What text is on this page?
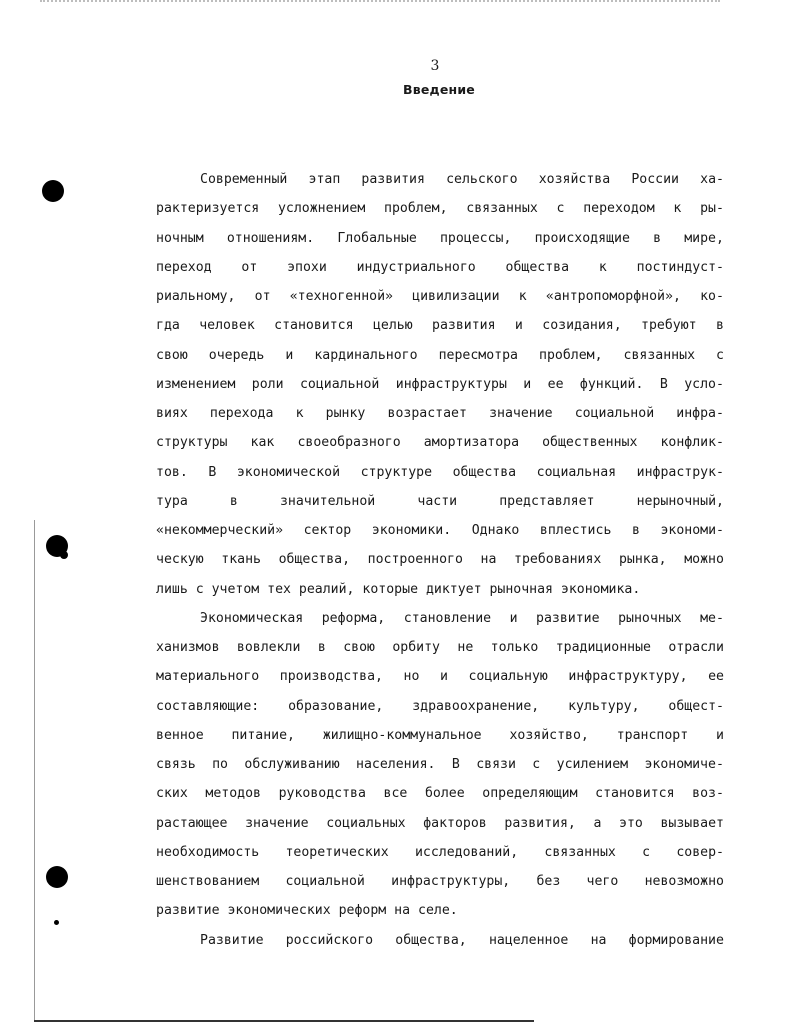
3
Введение
Современный этап развития сельского хозяйства России ха-
рактеризуется усложнением проблем, связанных с переходом к ры-
ночным отношениям. Глобальные процессы, происходящие в мире,
переход от эпохи индустриального общества к постиндуст-
риальному, от «техногенной» цивилизации к «антропоморфной», ко-
гда человек становится целью развития и созидания, требуют в
свою очередь и кардинального пересмотра проблем, связанных с
изменением роли социальной инфраструктуры и ее функций. В усло-
виях перехода к рынку возрастает значение социальной инфра-
структуры как своеобразного амортизатора общественных конфлик-
тов. В экономической структуре общества социальная инфраструк-
тура	в	значительной	части	представляет	нерыночный,
«некоммерческий» сектор экономики. Однако вплестись в экономи-
ческую ткань общества, построенного на требованиях рынка, можно
лишь с учетом тех реалий, которые диктует рыночная экономика.
Экономическая реформа, становление и развитие рыночных ме-
ханизмов вовлекли в свою орбиту не только традиционные отрасли
материального производства, но и социальную инфраструктуру, ее
составляющие: образование, здравоохранение, культуру, общест-
венное питание, жилищно-коммунальное хозяйство, транспорт и
связь по обслуживанию населения. В связи с усилением экономиче-
ских методов руководства все более определяющим становится воз-
растающее значение социальных факторов развития, а это вызывает
необходимость теоретических исследований, связанных с совер-
шенствованием социальной инфраструктуры, без чего невозможно
развитие экономических реформ на селе.
Развитие российского общества, нацеленное на формирование
